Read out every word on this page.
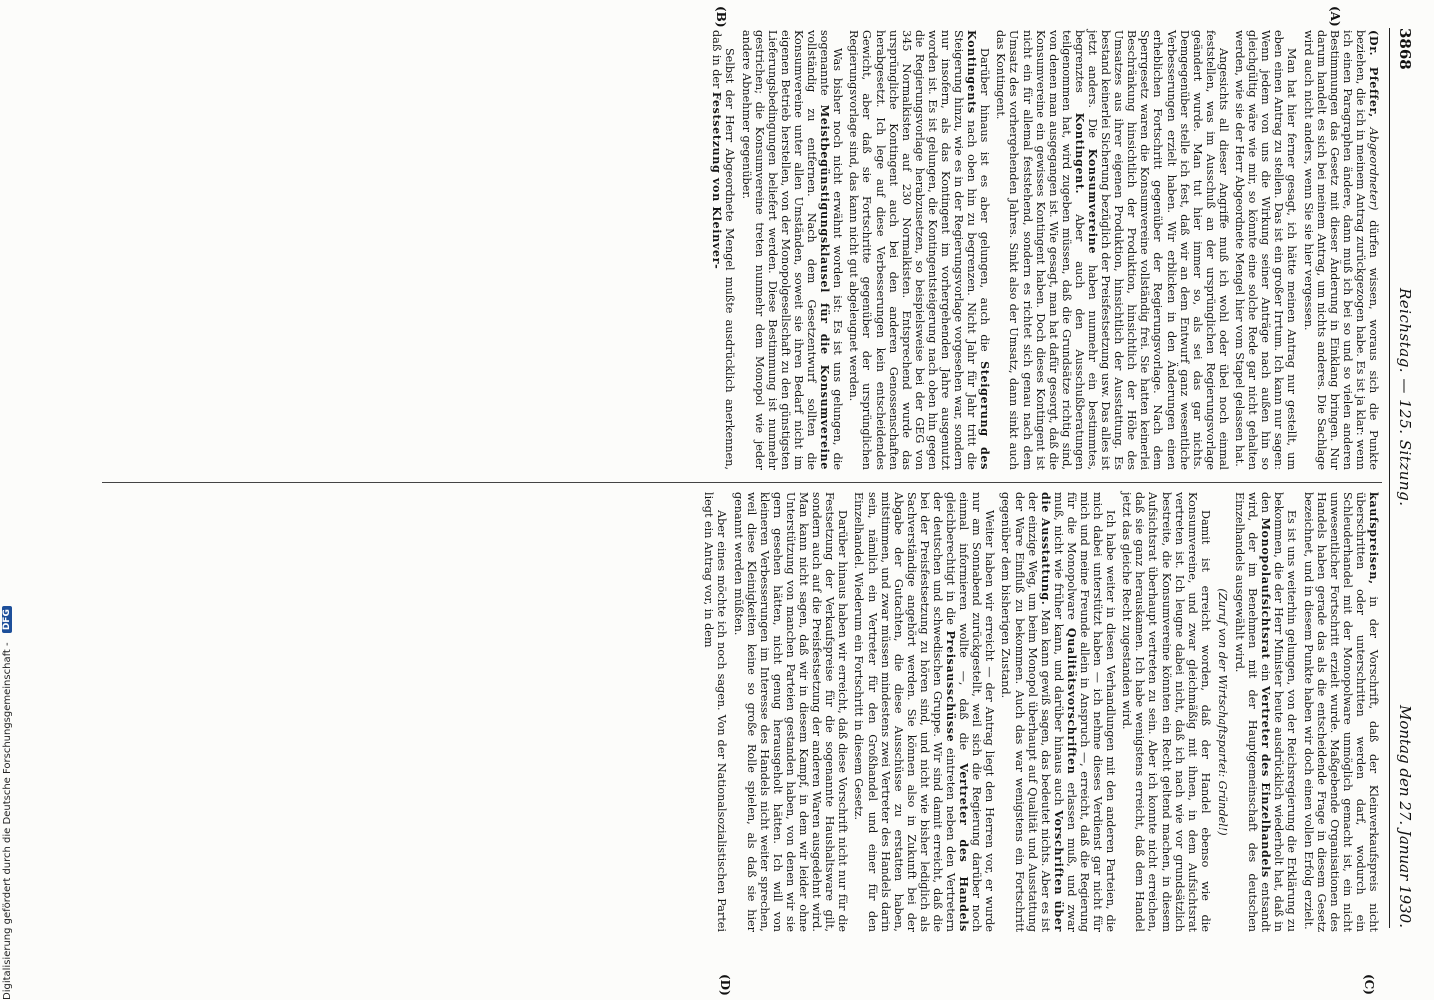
3868
Reichstag. — 125. Sitzung.
Montag den 27. Januar 1930.
(A)
(B)
(C)
(D)

(Dr. Pfeffer, Abgeordneter) dürfen wissen, woraus sich die Punkte beziehen, die ich in meinem Antrag zurückgezogen habe. Es ist ja klar: wenn ich einen Paragraphen ändere, dann muß ich bei so und so vielen anderen Bestimmungen das Gesetz mit dieser Änderung in Einklang bringen. Nur darum handelt es sich bei meinem Antrag, um nichts anderes. Die Sachlage wird auch nicht anders, wenn Sie sie hier vergessen.

Man hat hier ferner gesagt, ich hätte meinen Antrag nur gestellt, um eben einen Antrag zu stellen. Das ist ein großer Irrtum. Ich kann nur sagen: Wenn jedem von uns die Wirkung seiner Anträge nach außen hin so gleichgültig wäre wie mir, so könnte eine solche Rede gar nicht gehalten werden, wie sie der Herr Abgeordnete Mengel hier vom Stapel gelassen hat.

Angesichts all dieser Angriffe muß ich wohl oder übel noch einmal feststellen, was im Ausschuß an der ursprünglichen Regierungsvorlage geändert wurde. Man tut hier immer so, als sei das gar nichts. Demgegenüber stelle ich fest, daß wir an dem Entwurf ganz wesentliche Verbesserungen erzielt haben. Wir erblicken in den Änderungen einen erheblichen Fortschritt gegenüber der Regierungsvorlage. Nach dem Sperrgesetz waren die Konsumvereine vollständig frei. Sie hatten keinerlei Beschränkung hinsichtlich der Produktion, hinsichtlich der Höhe des Umsatzes aus ihrer eigenen Produktion, hinsichtlich der Ausstattung. Es bestand keinerlei Sicherung bezüglich der Preisfestsetzung usw. Das alles ist jetzt anders. Die Konsumvereine haben nunmehr ein bestimmtes, begrenztes Kontingent. Aber auch den Ausschußberatungen teilgenommen hat, wird zugeben müssen, daß die Grundsätze richtig sind, von denen man ausgegangen ist. Wie gesagt, man hat dafür gesorgt, daß die Konsumvereine ein gewisses Kontingent haben. Doch dieses Kontingent ist nicht ein für allemal feststehend, sondern es richtet sich genau nach dem Umsatz des vorhergehenden Jahres. Sinkt also der Umsatz, dann sinkt auch das Kontingent.

Darüber hinaus ist es aber gelungen, auch die Steigerung des Kontingents nach oben hin zu begrenzen. Nicht Jahr für Jahr tritt die Steigerung hinzu, wie es in der Regierungsvorlage vorgesehen war, sondern nur insofern, als das Kontingent im vorhergehenden Jahre ausgenutzt worden ist. Es ist gelungen, die Kontingentsteigerung nach oben hin gegen die Regierungsvorlage herabzusetzen, so beispielsweise bei der GEG von 345 Normalkisten auf 230 Normalkisten. Entsprechend wurde das ursprüngliche Kontingent auch bei den anderen Genossenschaften herabgesetzt. Ich lege auf diese Verbesserungen kein entscheidendes Gewicht, aber daß sie Fortschritte gegenüber der ursprünglichen Regierungsvorlage sind, das kann nicht gut abgeleugnet werden.

Was bisher noch nicht erwähnt worden ist: Es ist uns gelungen, die sogenannte Meistbegünstigungsklausel für die Konsumvereine vollständig zu entfernen. Nach dem Gesetzentwurf sollten die Konsumvereine unter allen Umständen, soweit sie ihren Bedarf nicht im eigenen Betrieb herstellen, von der Monopolgesellschaft zu den günstigsten Lieferungsbedingungen beliefert werden. Diese Bestimmung ist nunmehr gestrichen; die Konsumvereine treten nunmehr dem Monopol wie jeder andere Abnehmer gegenüber.

Selbst der Herr Abgeordnete Mengel mußte ausdrücklich anerkennen, daß in der Festsetzung von Kleinver-

kaufspreisen, in der Vorschrift, daß der Kleinverkaufspreis nicht überschritten oder unterschritten werden darf, wodurch ein Schleuderhandel mit der Monopolware unmöglich gemacht ist, ein nicht unwesentlicher Fortschritt erzielt wurde. Maßgebende Organisationen des Handels haben gerade das als die entscheidende Frage in diesem Gesetz bezeichnet, und in diesem Punkte haben wir doch einen vollen Erfolg erzielt.

Es ist uns weiterhin gelungen, von der Reichsregierung die Erklärung zu bekommen, die der Herr Minister heute ausdrücklich wiederholt hat, daß in den Monopolaufsichtsrat ein Vertreter des Einzelhandels entsandt wird, der im Benehmen mit der Hauptgemeinschaft des deutschen Einzelhandels ausgewählt wird.

(Zuruf von der Wirtschaftspartei: Gründel!)

Damit ist erreicht worden, daß der Handel ebenso wie die Konsumvereine, und zwar gleichmäßig mit ihnen, in dem Aufsichtsrat vertreten ist. Ich leugne dabei nicht, daß ich nach wie vor grundsätzlich bestreite, die Konsumvereine könnten ein Recht geltend machen, in diesem Aufsichtsrat überhaupt vertreten zu sein. Aber ich konnte nicht erreichen, daß sie ganz herauskamen. Ich habe wenigstens erreicht, daß dem Handel jetzt das gleiche Recht zugestanden wird.

Ich habe weiter in diesen Verhandlungen mit den anderen Parteien, die mich dabei unterstützt haben — ich nehme dieses Verdienst gar nicht für mich und meine Freunde allein in Anspruch —, erreicht, daß die Regierung für die Monopolware Qualitätsvorschriften erlassen muß, und zwar muß, nicht wie früher kann, und darüber hinaus auch Vorschriften über die Ausstattung. Man kann gewiß sagen, das bedeutet nichts. Aber es ist der einzige Weg, um beim Monopol überhaupt auf Qualität und Ausstattung der Ware Einfluß zu bekommen. Auch das war wenigstens ein Fortschritt gegenüber dem bisherigen Zustand.

Weiter haben wir erreicht — der Antrag liegt den Herren vor, er wurde nur am Sonnabend zurückgestellt, weil sich die Regierung darüber noch einmal informieren wollte —, daß die Vertreter des Handels gleichberechtigt in die Preisausschüsse eintreten neben den Vertretern der deutschen und schwedischen Gruppe. Wir sind damit erreicht, daß die bei der Preisfestsetzung zu hören sind, und nicht wie bisher lediglich als Sachverständige angehört werden. Sie können also in Zukunft bei der Abgabe der Gutachten, die diese Ausschüsse zu erstatten haben, mitstimmen, und zwar müssen mindestens zwei Vertreter des Handels darin sein, nämlich ein Vertreter für den Großhandel und einer für den Einzelhandel. Wiederum ein Fortschritt in diesem Gesetz.

Darüber hinaus haben wir erreicht, daß diese Vorschrift nicht nur für die Festsetzung der Verkaufspreise für die sogenannte Haushaltsware gilt, sondern auch auf die Preisfestsetzung der anderen Waren ausgedehnt wird. Man kann nicht sagen, daß wir in diesem Kampf, in dem wir leider ohne Unterstützung von manchen Parteien gestanden haben, von denen wir sie gern gesehen hätten, nicht genug herausgeholt hätten. Ich will von kleineren Verbesserungen im Interesse des Handels nicht weiter sprechen, weil diese Kleinigkeiten keine so große Rolle spielen, als daß sie hier genannt werden müßten.

Aber eines möchte ich noch sagen. Von der Nationalsozialistischen Partei liegt ein Antrag vor, in dem

Digitalisierung gefördert durch die Deutsche Forschungsgemeinschaft - DFG
